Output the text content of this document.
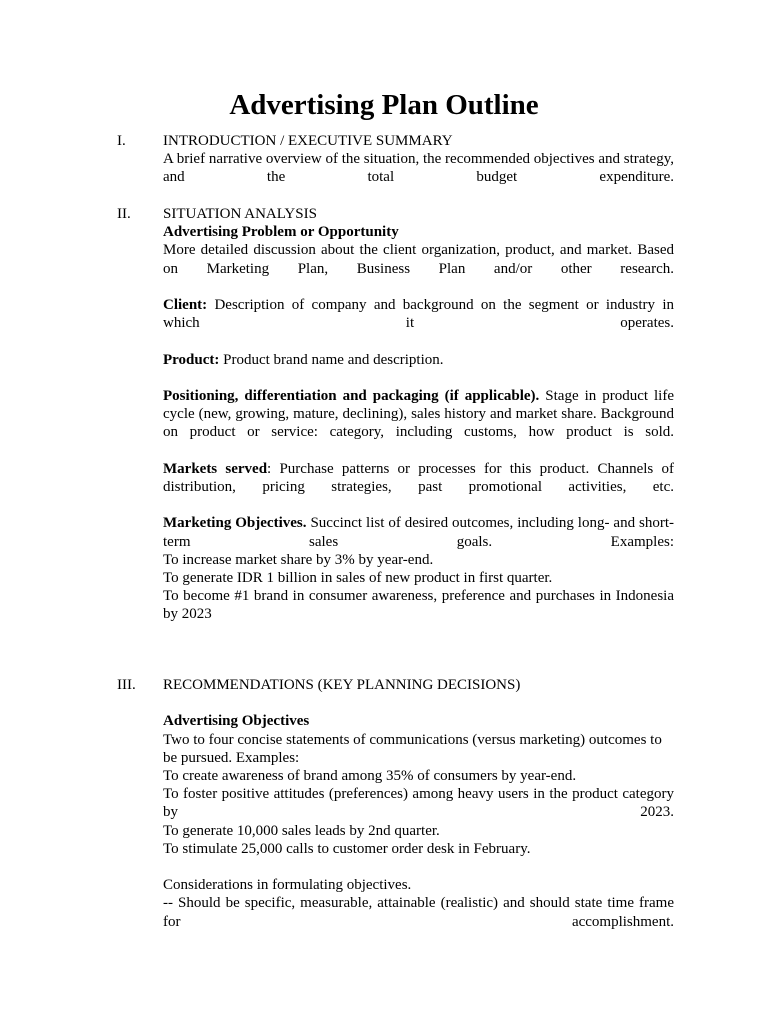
Advertising Plan Outline
I. INTRODUCTION / EXECUTIVE SUMMARY
A brief narrative overview of the situation, the recommended objectives and strategy, and the total budget expenditure.
II. SITUATION ANALYSIS
Advertising Problem or Opportunity
More detailed discussion about the client organization, product, and market. Based on Marketing Plan, Business Plan and/or other research.
Client: Description of company and background on the segment or industry in which it operates.
Product: Product brand name and description.
Positioning, differentiation and packaging (if applicable). Stage in product life cycle (new, growing, mature, declining), sales history and market share. Background on product or service: category, including customs, how product is sold.
Markets served: Purchase patterns or processes for this product. Channels of distribution, pricing strategies, past promotional activities, etc.
Marketing Objectives. Succinct list of desired outcomes, including long- and short-term sales goals. Examples:
To increase market share by 3% by year-end.
To generate IDR 1 billion in sales of new product in first quarter.
To become #1 brand in consumer awareness, preference and purchases in Indonesia
by 2023
III. RECOMMENDATIONS (KEY PLANNING DECISIONS)
Advertising Objectives
Two to four concise statements of communications (versus marketing) outcomes to be pursued. Examples:
To create awareness of brand among 35% of consumers by year-end.
To foster positive attitudes (preferences) among heavy users in the product category by 2023.
To generate 10,000 sales leads by 2nd quarter.
To stimulate 25,000 calls to customer order desk in February.
Considerations in formulating objectives.
-- Should be specific, measurable, attainable (realistic) and should state time frame for accomplishment.
